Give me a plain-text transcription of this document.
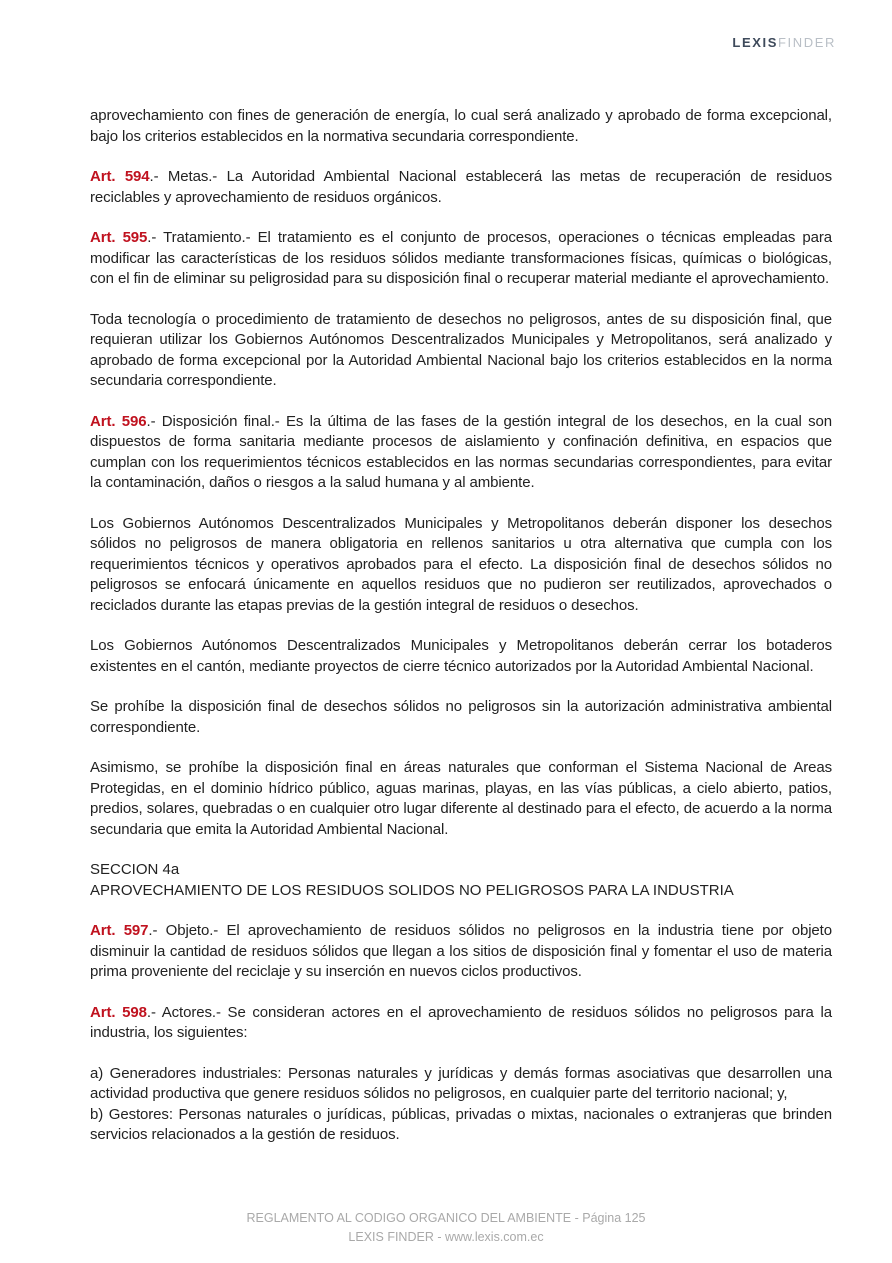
LEXISFINDER

aprovechamiento con fines de generación de energía, lo cual será analizado y aprobado de forma excepcional, bajo los criterios establecidos en la normativa secundaria correspondiente.

Art. 594.- Metas.- La Autoridad Ambiental Nacional establecerá las metas de recuperación de residuos reciclables y aprovechamiento de residuos orgánicos.

Art. 595.- Tratamiento.- El tratamiento es el conjunto de procesos, operaciones o técnicas empleadas para modificar las características de los residuos sólidos mediante transformaciones físicas, químicas o biológicas, con el fin de eliminar su peligrosidad para su disposición final o recuperar material mediante el aprovechamiento.

Toda tecnología o procedimiento de tratamiento de desechos no peligrosos, antes de su disposición final, que requieran utilizar los Gobiernos Autónomos Descentralizados Municipales y Metropolitanos, será analizado y aprobado de forma excepcional por la Autoridad Ambiental Nacional bajo los criterios establecidos en la norma secundaria correspondiente.

Art. 596.- Disposición final.- Es la última de las fases de la gestión integral de los desechos, en la cual son dispuestos de forma sanitaria mediante procesos de aislamiento y confinación definitiva, en espacios que cumplan con los requerimientos técnicos establecidos en las normas secundarias correspondientes, para evitar la contaminación, daños o riesgos a la salud humana y al ambiente.

Los Gobiernos Autónomos Descentralizados Municipales y Metropolitanos deberán disponer los desechos sólidos no peligrosos de manera obligatoria en rellenos sanitarios u otra alternativa que cumpla con los requerimientos técnicos y operativos aprobados para el efecto. La disposición final de desechos sólidos no peligrosos se enfocará únicamente en aquellos residuos que no pudieron ser reutilizados, aprovechados o reciclados durante las etapas previas de la gestión integral de residuos o desechos.

Los Gobiernos Autónomos Descentralizados Municipales y Metropolitanos deberán cerrar los botaderos existentes en el cantón, mediante proyectos de cierre técnico autorizados por la Autoridad Ambiental Nacional.

Se prohíbe la disposición final de desechos sólidos no peligrosos sin la autorización administrativa ambiental correspondiente.

Asimismo, se prohíbe la disposición final en áreas naturales que conforman el Sistema Nacional de Areas Protegidas, en el dominio hídrico público, aguas marinas, playas, en las vías públicas, a cielo abierto, patios, predios, solares, quebradas o en cualquier otro lugar diferente al destinado para el efecto, de acuerdo a la norma secundaria que emita la Autoridad Ambiental Nacional.

SECCION 4a
APROVECHAMIENTO DE LOS RESIDUOS SOLIDOS NO PELIGROSOS PARA LA INDUSTRIA

Art. 597.- Objeto.- El aprovechamiento de residuos sólidos no peligrosos en la industria tiene por objeto disminuir la cantidad de residuos sólidos que llegan a los sitios de disposición final y fomentar el uso de materia prima proveniente del reciclaje y su inserción en nuevos ciclos productivos.

Art. 598.- Actores.- Se consideran actores en el aprovechamiento de residuos sólidos no peligrosos para la industria, los siguientes:

a) Generadores industriales: Personas naturales y jurídicas y demás formas asociativas que desarrollen una actividad productiva que genere residuos sólidos no peligrosos, en cualquier parte del territorio nacional; y,

b) Gestores: Personas naturales o jurídicas, públicas, privadas o mixtas, nacionales o extranjeras que brinden servicios relacionados a la gestión de residuos.

REGLAMENTO AL CODIGO ORGANICO DEL AMBIENTE - Página 125
LEXIS FINDER - www.lexis.com.ec
